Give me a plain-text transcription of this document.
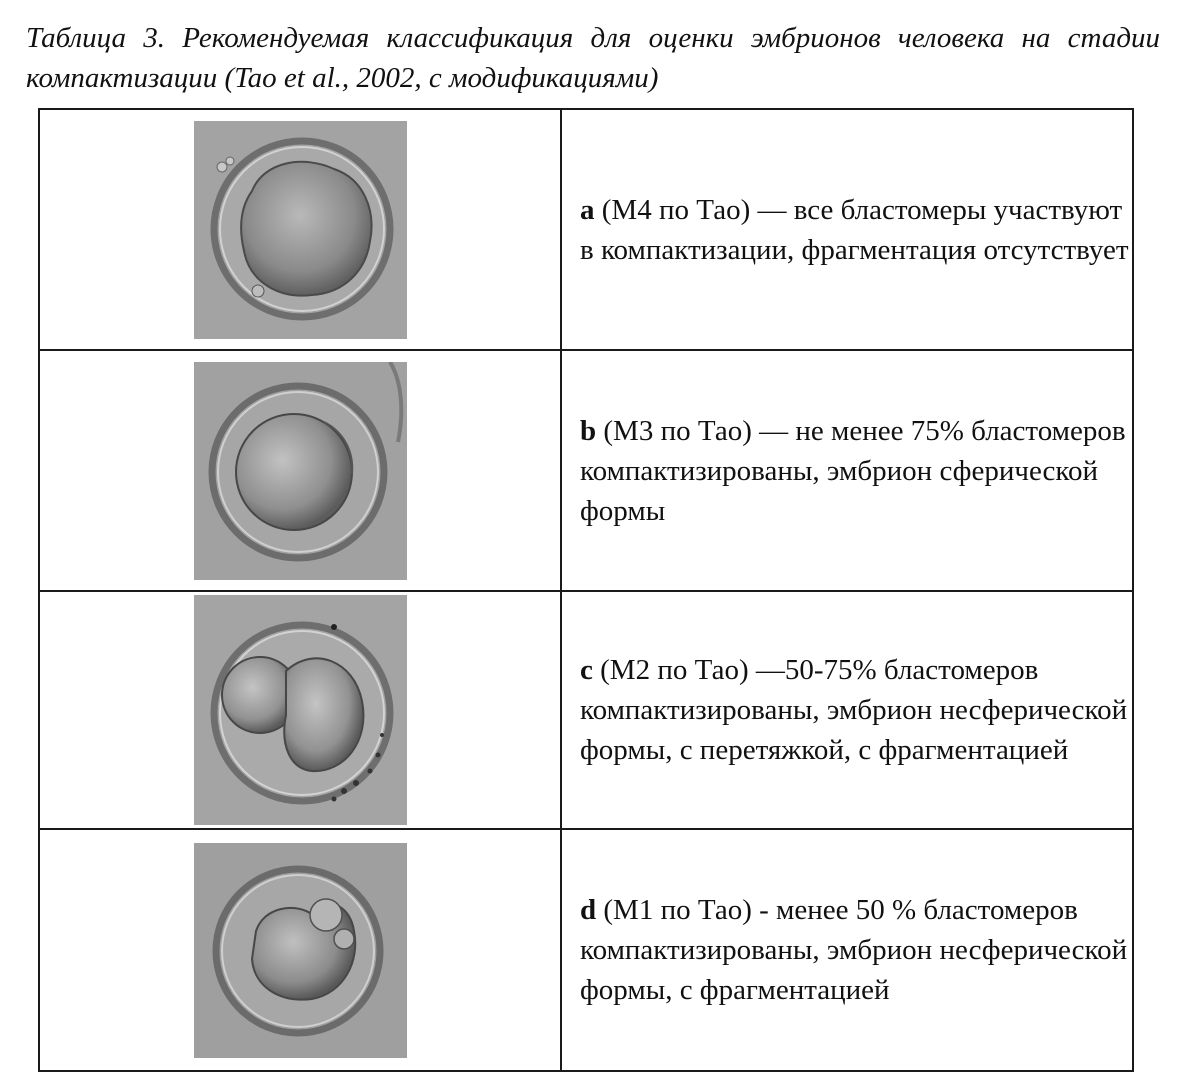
Таблица 3. Рекомендуемая классификация для оценки эмбрионов человека на стадии компактизации (Tao et al., 2002, с модификациями)

	a (М4 по Тао) — все бластомеры участвуют в компактизации, фрагментация отсутствует

	b (М3 по Тао) — не менее 75% бластомеров компактизированы, эмбрион сферической формы

	c (М2 по Тао) —50-75% бластомеров компактизированы, эмбрион несферической формы, с перетяжкой, с фрагментацией

	d (М1 по Тао) - менее 50 % бластомеров компактизированы, эмбрион несферической формы, с фрагментацией
